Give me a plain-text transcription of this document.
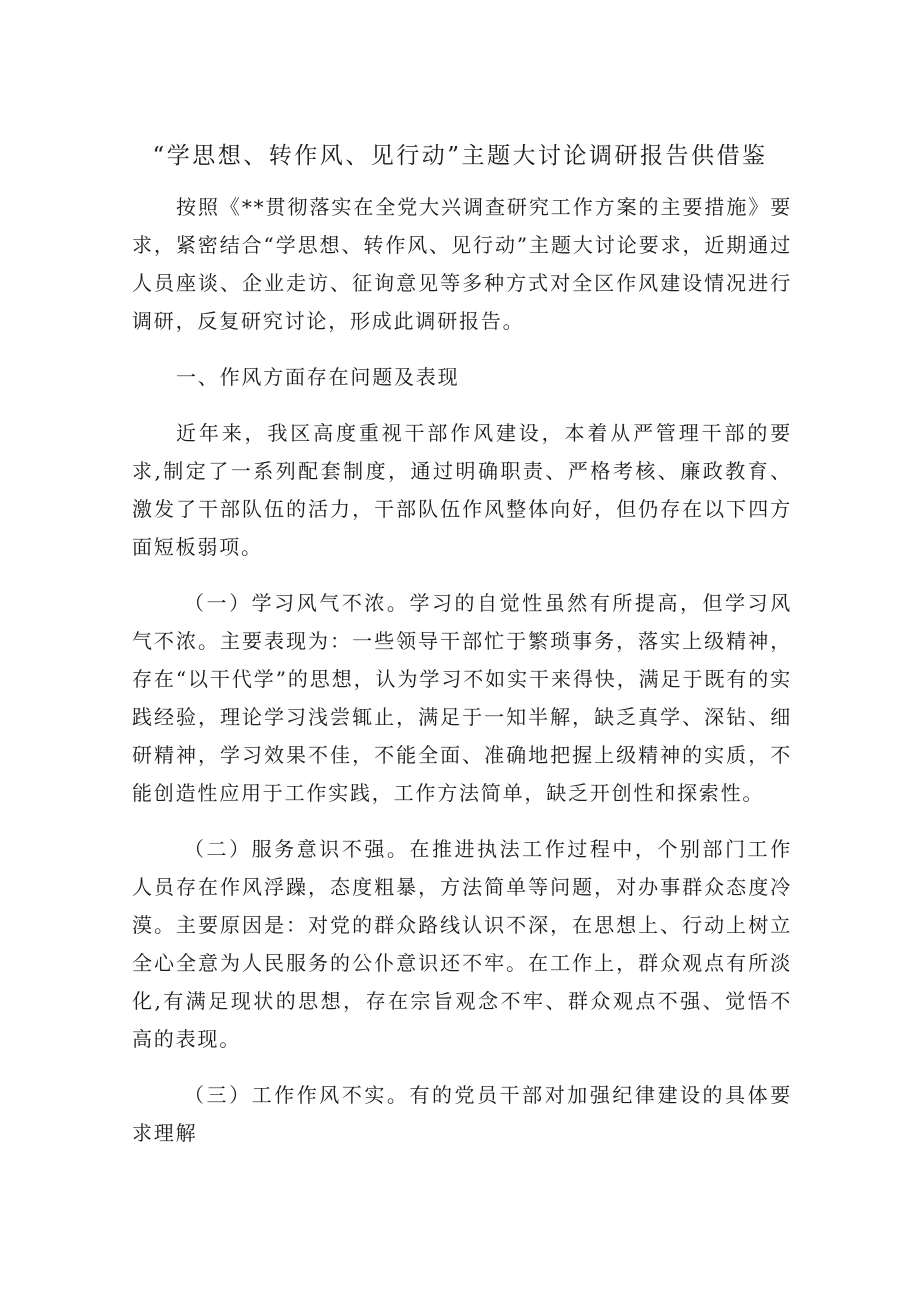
“学思想、转作风、见行动”主题大讨论调研报告供借鉴

按照《**贯彻落实在全党大兴调查研究工作方案的主要措施》要求，紧密结合“学思想、转作风、见行动”主题大讨论要求，近期通过人员座谈、企业走访、征询意见等多种方式对全区作风建设情况进行调研，反复研究讨论，形成此调研报告。

一、作风方面存在问题及表现

近年来，我区高度重视干部作风建设，本着从严管理干部的要求,制定了一系列配套制度，通过明确职责、严格考核、廉政教育、激发了干部队伍的活力，干部队伍作风整体向好，但仍存在以下四方面短板弱项。

（一）学习风气不浓。学习的自觉性虽然有所提高，但学习风气不浓。主要表现为：一些领导干部忙于繁琐事务，落实上级精神，存在“以干代学”的思想，认为学习不如实干来得快，满足于既有的实践经验，理论学习浅尝辄止，满足于一知半解，缺乏真学、深钻、细研精神，学习效果不佳，不能全面、准确地把握上级精神的实质，不能创造性应用于工作实践，工作方法简单，缺乏开创性和探索性。

（二）服务意识不强。在推进执法工作过程中，个别部门工作人员存在作风浮躁，态度粗暴，方法简单等问题，对办事群众态度冷漠。主要原因是：对党的群众路线认识不深，在思想上、行动上树立全心全意为人民服务的公仆意识还不牢。在工作上，群众观点有所淡化,有满足现状的思想，存在宗旨观念不牢、群众观点不强、觉悟不高的表现。

（三）工作作风不实。有的党员干部对加强纪律建设的具体要求理解
